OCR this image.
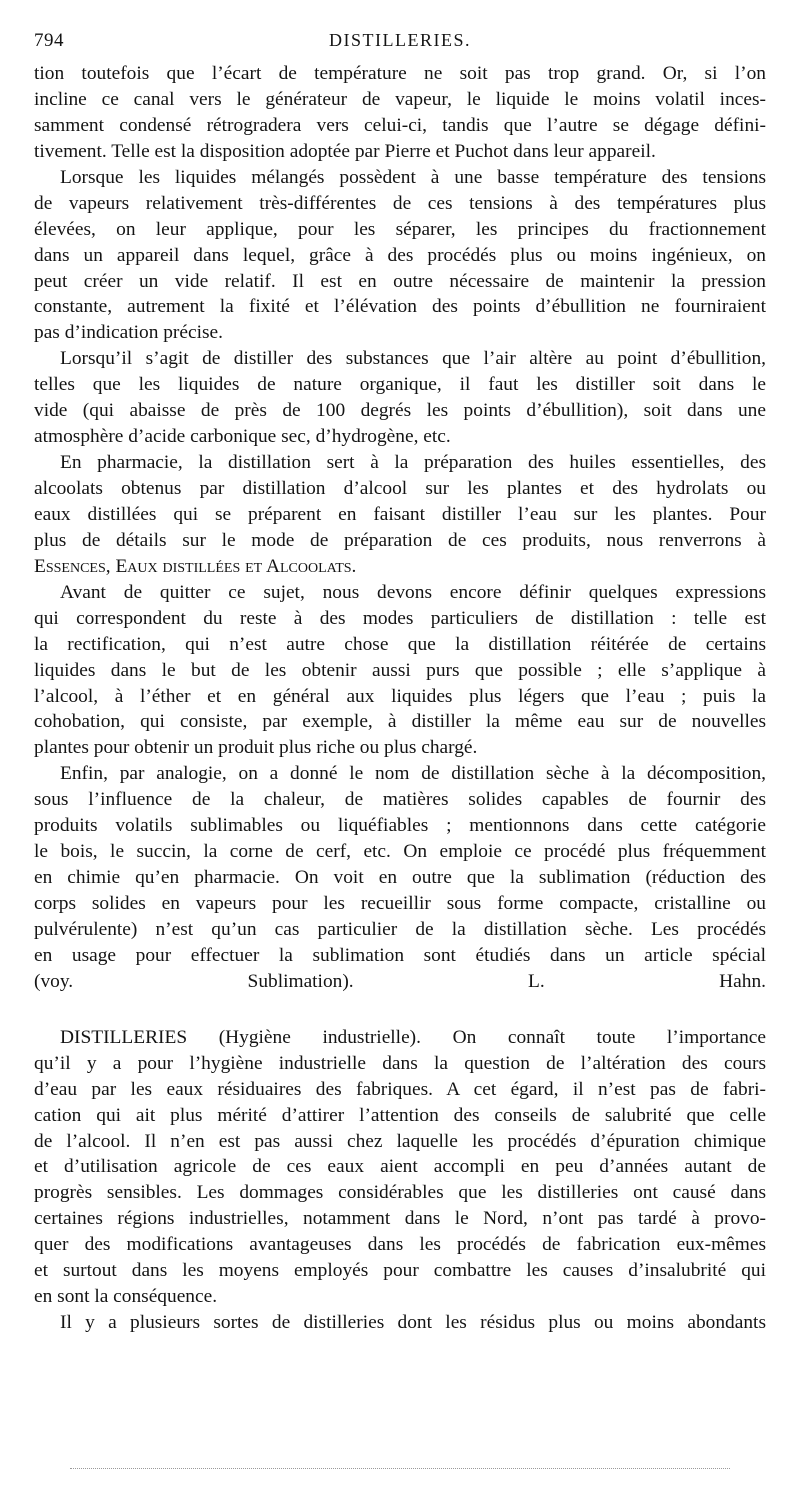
794	DISTILLERIES.
tion toutefois que l’écart de température ne soit pas trop grand. Or, si l’on
incline ce canal vers le générateur de vapeur, le liquide le moins volatil inces-
samment condensé rétrogradera vers celui-ci, tandis que l’autre se dégage défini-
tivement. Telle est la disposition adoptée par Pierre et Puchot dans leur appareil.
Lorsque les liquides mélangés possèdent à une basse température des tensions
de vapeurs relativement très-différentes de ces tensions à des températures plus
élevées, on leur applique, pour les séparer, les principes du fractionnement
dans un appareil dans lequel, grâce à des procédés plus ou moins ingénieux, on
peut créer un vide relatif. Il est en outre nécessaire de maintenir la pression
constante, autrement la fixité et l’élévation des points d’ébullition ne fourniraient
pas d’indication précise.
Lorsqu’il s’agit de distiller des substances que l’air altère au point d’ébullition,
telles que les liquides de nature organique, il faut les distiller soit dans le
vide (qui abaisse de près de 100 degrés les points d’ébullition), soit dans une
atmosphère d’acide carbonique sec, d’hydrogène, etc.
En pharmacie, la distillation sert à la préparation des huiles essentielles, des
alcoolats obtenus par distillation d’alcool sur les plantes et des hydrolats ou
eaux distillées qui se préparent en faisant distiller l’eau sur les plantes. Pour
plus de détails sur le mode de préparation de ces produits, nous renverrons à
Essences, Eaux distillées et Alcoolats.
Avant de quitter ce sujet, nous devons encore définir quelques expressions
qui correspondent du reste à des modes particuliers de distillation : telle est
la rectification, qui n’est autre chose que la distillation réitérée de certains
liquides dans le but de les obtenir aussi purs que possible ; elle s’applique à
l’alcool, à l’éther et en général aux liquides plus légers que l’eau ; puis la
cohobation, qui consiste, par exemple, à distiller la même eau sur de nouvelles
plantes pour obtenir un produit plus riche ou plus chargé.
Enfin, par analogie, on a donné le nom de distillation sèche à la décomposition,
sous l’influence de la chaleur, de matières solides capables de fournir des
produits volatils sublimables ou liquéfiables ; mentionnons dans cette catégorie
le bois, le succin, la corne de cerf, etc. On emploie ce procédé plus fréquemment
en chimie qu’en pharmacie. On voit en outre que la sublimation (réduction des
corps solides en vapeurs pour les recueillir sous forme compacte, cristalline ou
pulvérulente) n’est qu’un cas particulier de la distillation sèche. Les procédés
en usage pour effectuer la sublimation sont étudiés dans un article spécial
(voy. Sublimation). L. Hahn.
DISTILLERIES (Hygiène industrielle). On connaît toute l’importance
qu’il y a pour l’hygiène industrielle dans la question de l’altération des cours
d’eau par les eaux résiduaires des fabriques. A cet égard, il n’est pas de fabri-
cation qui ait plus mérité d’attirer l’attention des conseils de salubrité que celle
de l’alcool. Il n’en est pas aussi chez laquelle les procédés d’épuration chimique
et d’utilisation agricole de ces eaux aient accompli en peu d’années autant de
progrès sensibles. Les dommages considérables que les distilleries ont causé dans
certaines régions industrielles, notamment dans le Nord, n’ont pas tardé à provo-
quer des modifications avantageuses dans les procédés de fabrication eux-mêmes
et surtout dans les moyens employés pour combattre les causes d’insalubrité qui
en sont la conséquence.
Il y a plusieurs sortes de distilleries dont les résidus plus ou moins abondants
